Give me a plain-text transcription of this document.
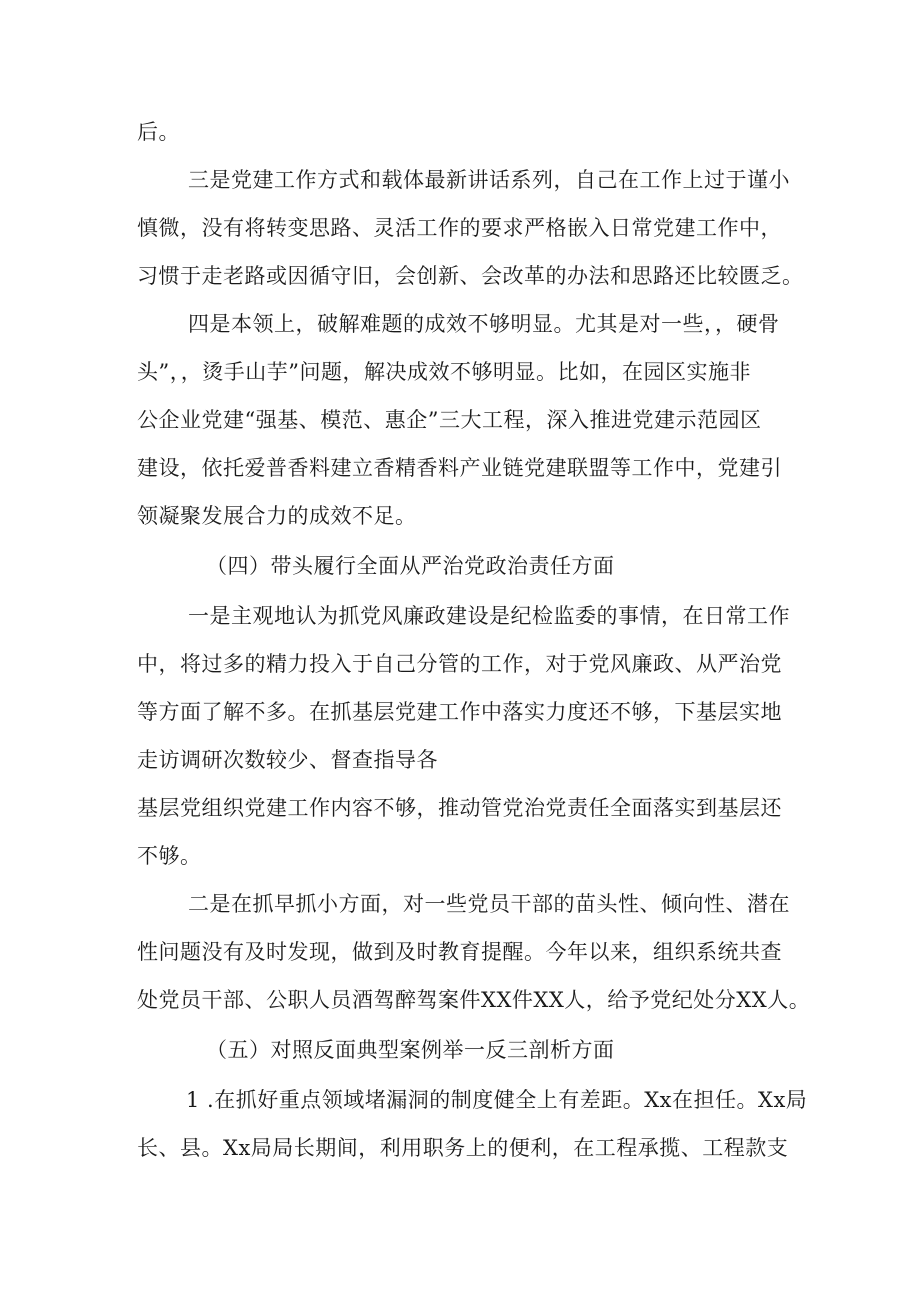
后。
三是党建工作方式和载体最新讲话系列，自己在工作上过于谨小
慎微，没有将转变思路、灵活工作的要求严格嵌入日常党建工作中，
习惯于走老路或因循守旧，会创新、会改革的办法和思路还比较匮乏。
四是本领上，破解难题的成效不够明显。尤其是对一些，，硬骨
头”，，烫手山芋”问题，解决成效不够明显。比如，在园区实施非
公企业党建“强基、模范、惠企”三大工程，深入推进党建示范园区
建设，依托爱普香料建立香精香料产业链党建联盟等工作中，党建引
领凝聚发展合力的成效不足。
（四）带头履行全面从严治党政治责任方面
一是主观地认为抓党风廉政建设是纪检监委的事情，在日常工作
中，将过多的精力投入于自己分管的工作，对于党风廉政、从严治党
等方面了解不多。在抓基层党建工作中落实力度还不够，下基层实地
走访调研次数较少、督查指导各
基层党组织党建工作内容不够，推动管党治党责任全面落实到基层还
不够。
二是在抓早抓小方面，对一些党员干部的苗头性、倾向性、潜在
性问题没有及时发现，做到及时教育提醒。今年以来，组织系统共查
处党员干部、公职人员酒驾醉驾案件XX件XX人，给予党纪处分XX人。
（五）对照反面典型案例举一反三剖析方面
1 .在抓好重点领域堵漏洞的制度健全上有差距。Xx在担任。Xx局
长、县。Xx局局长期间，利用职务上的便利，在工程承揽、工程款支
